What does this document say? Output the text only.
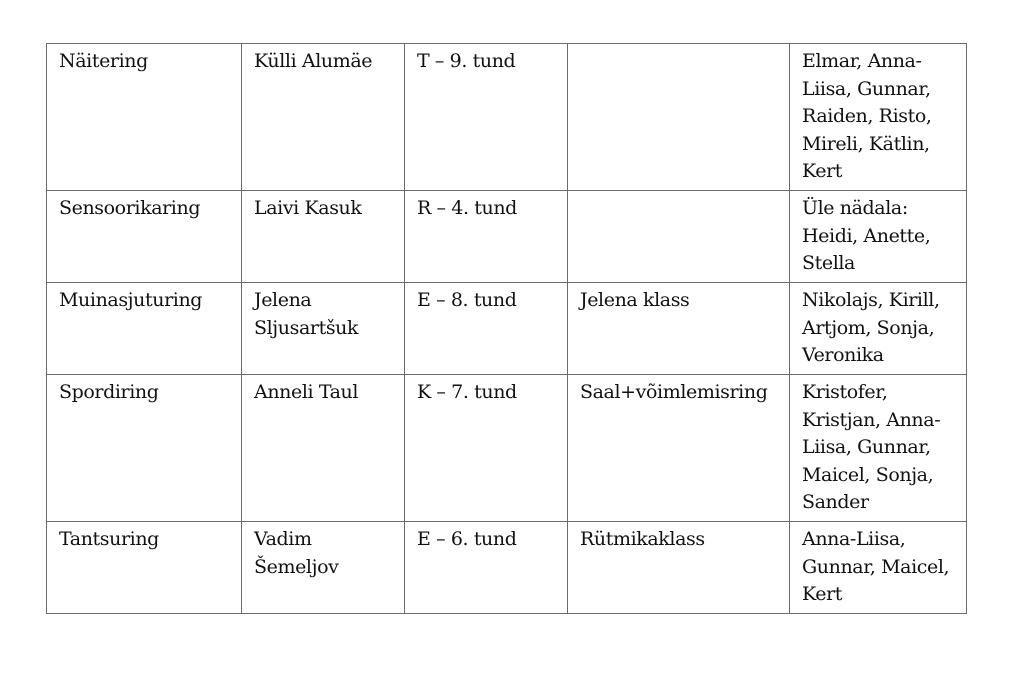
Näitering	Külli Alumäe	T – 9. tund		Elmar, Anna-Liisa, Gunnar, Raiden, Risto, Mireli, Kätlin, Kert
Sensoorikaring	Laivi Kasuk	R – 4. tund		Üle nädala: Heidi, Anette, Stella
Muinasjuturing	Jelena Sljusartšuk	E – 8. tund	Jelena klass	Nikolajs, Kirill, Artjom, Sonja, Veronika
Spordiring	Anneli Taul	K – 7. tund	Saal+võimlemisring	Kristofer, Kristjan, Anna-Liisa, Gunnar, Maicel, Sonja, Sander
Tantsuring	Vadim Šemeljov	E – 6. tund	Rütmikaklass	Anna-Liisa, Gunnar, Maicel, Kert
